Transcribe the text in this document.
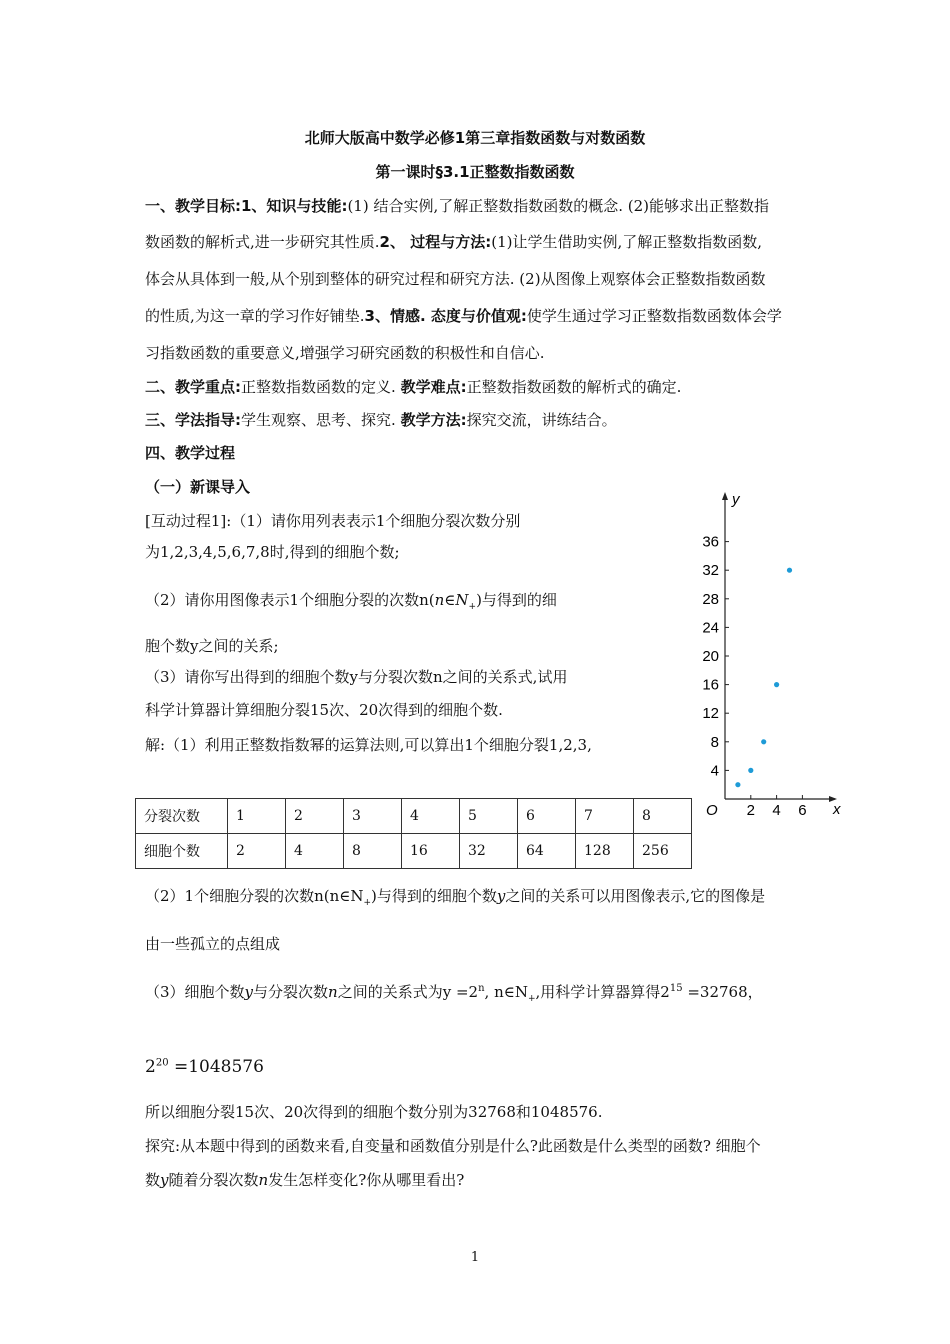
北师大版高中数学必修1第三章指数函数与对数函数
第一课时§3.1正整数指数函数
一、教学目标:1、知识与技能:(1) 结合实例,了解正整数指数函数的概念. (2)能够求出正整数指
数函数的解析式,进一步研究其性质.2、 过程与方法:(1)让学生借助实例,了解正整数指数函数,
体会从具体到一般,从个别到整体的研究过程和研究方法. (2)从图像上观察体会正整数指数函数
的性质,为这一章的学习作好铺垫.3、情感. 态度与价值观:使学生通过学习正整数指数函数体会学
习指数函数的重要意义,增强学习研究函数的积极性和自信心.
二、教学重点:正整数指数函数的定义. 教学难点:正整数指数函数的解析式的确定.
三、学法指导:学生观察、思考、探究. 教学方法:探究交流，讲练结合。
四、教学过程
（一）新课导入
[互动过程1]:（1）请你用列表表示1个细胞分裂次数分别
为1,2,3,4,5,6,7,8时,得到的细胞个数;
（2）请你用图像表示1个细胞分裂的次数$n(n\in N_+)$与得到的细
胞个数y之间的关系;
（3）请你写出得到的细胞个数y与分裂次数n之间的关系式,试用
科学计算器计算细胞分裂15次、20次得到的细胞个数.
解:（1）利用正整数指数幂的运算法则,可以算出1个细胞分裂1,2,3,
x
y
O 2 4 6
4
8
12
16
20
24
28
32
36
分裂次数	1	2	3	4	5	6	7	8
细胞个数	2	4	8	16	32	64	128	256
（2）1个细胞分裂的次数$n(n\in N_+)$与得到的细胞个数y之间的关系可以用图像表示,它的图像是
由一些孤立的点组成
（3）细胞个数y与分裂次数n之间的关系式为$y =2^n$, $n\in N_+$,用科学计算器算得$2^{15} =32768$，
$2^{20} =1048576$
所以细胞分裂15次、20次得到的细胞个数分别为32768和1048576.
探究:从本题中得到的函数来看,自变量和函数值分别是什么?此函数是什么类型的函数? 细胞个
数y随着分裂次数n发生怎样变化?你从哪里看出?
1
